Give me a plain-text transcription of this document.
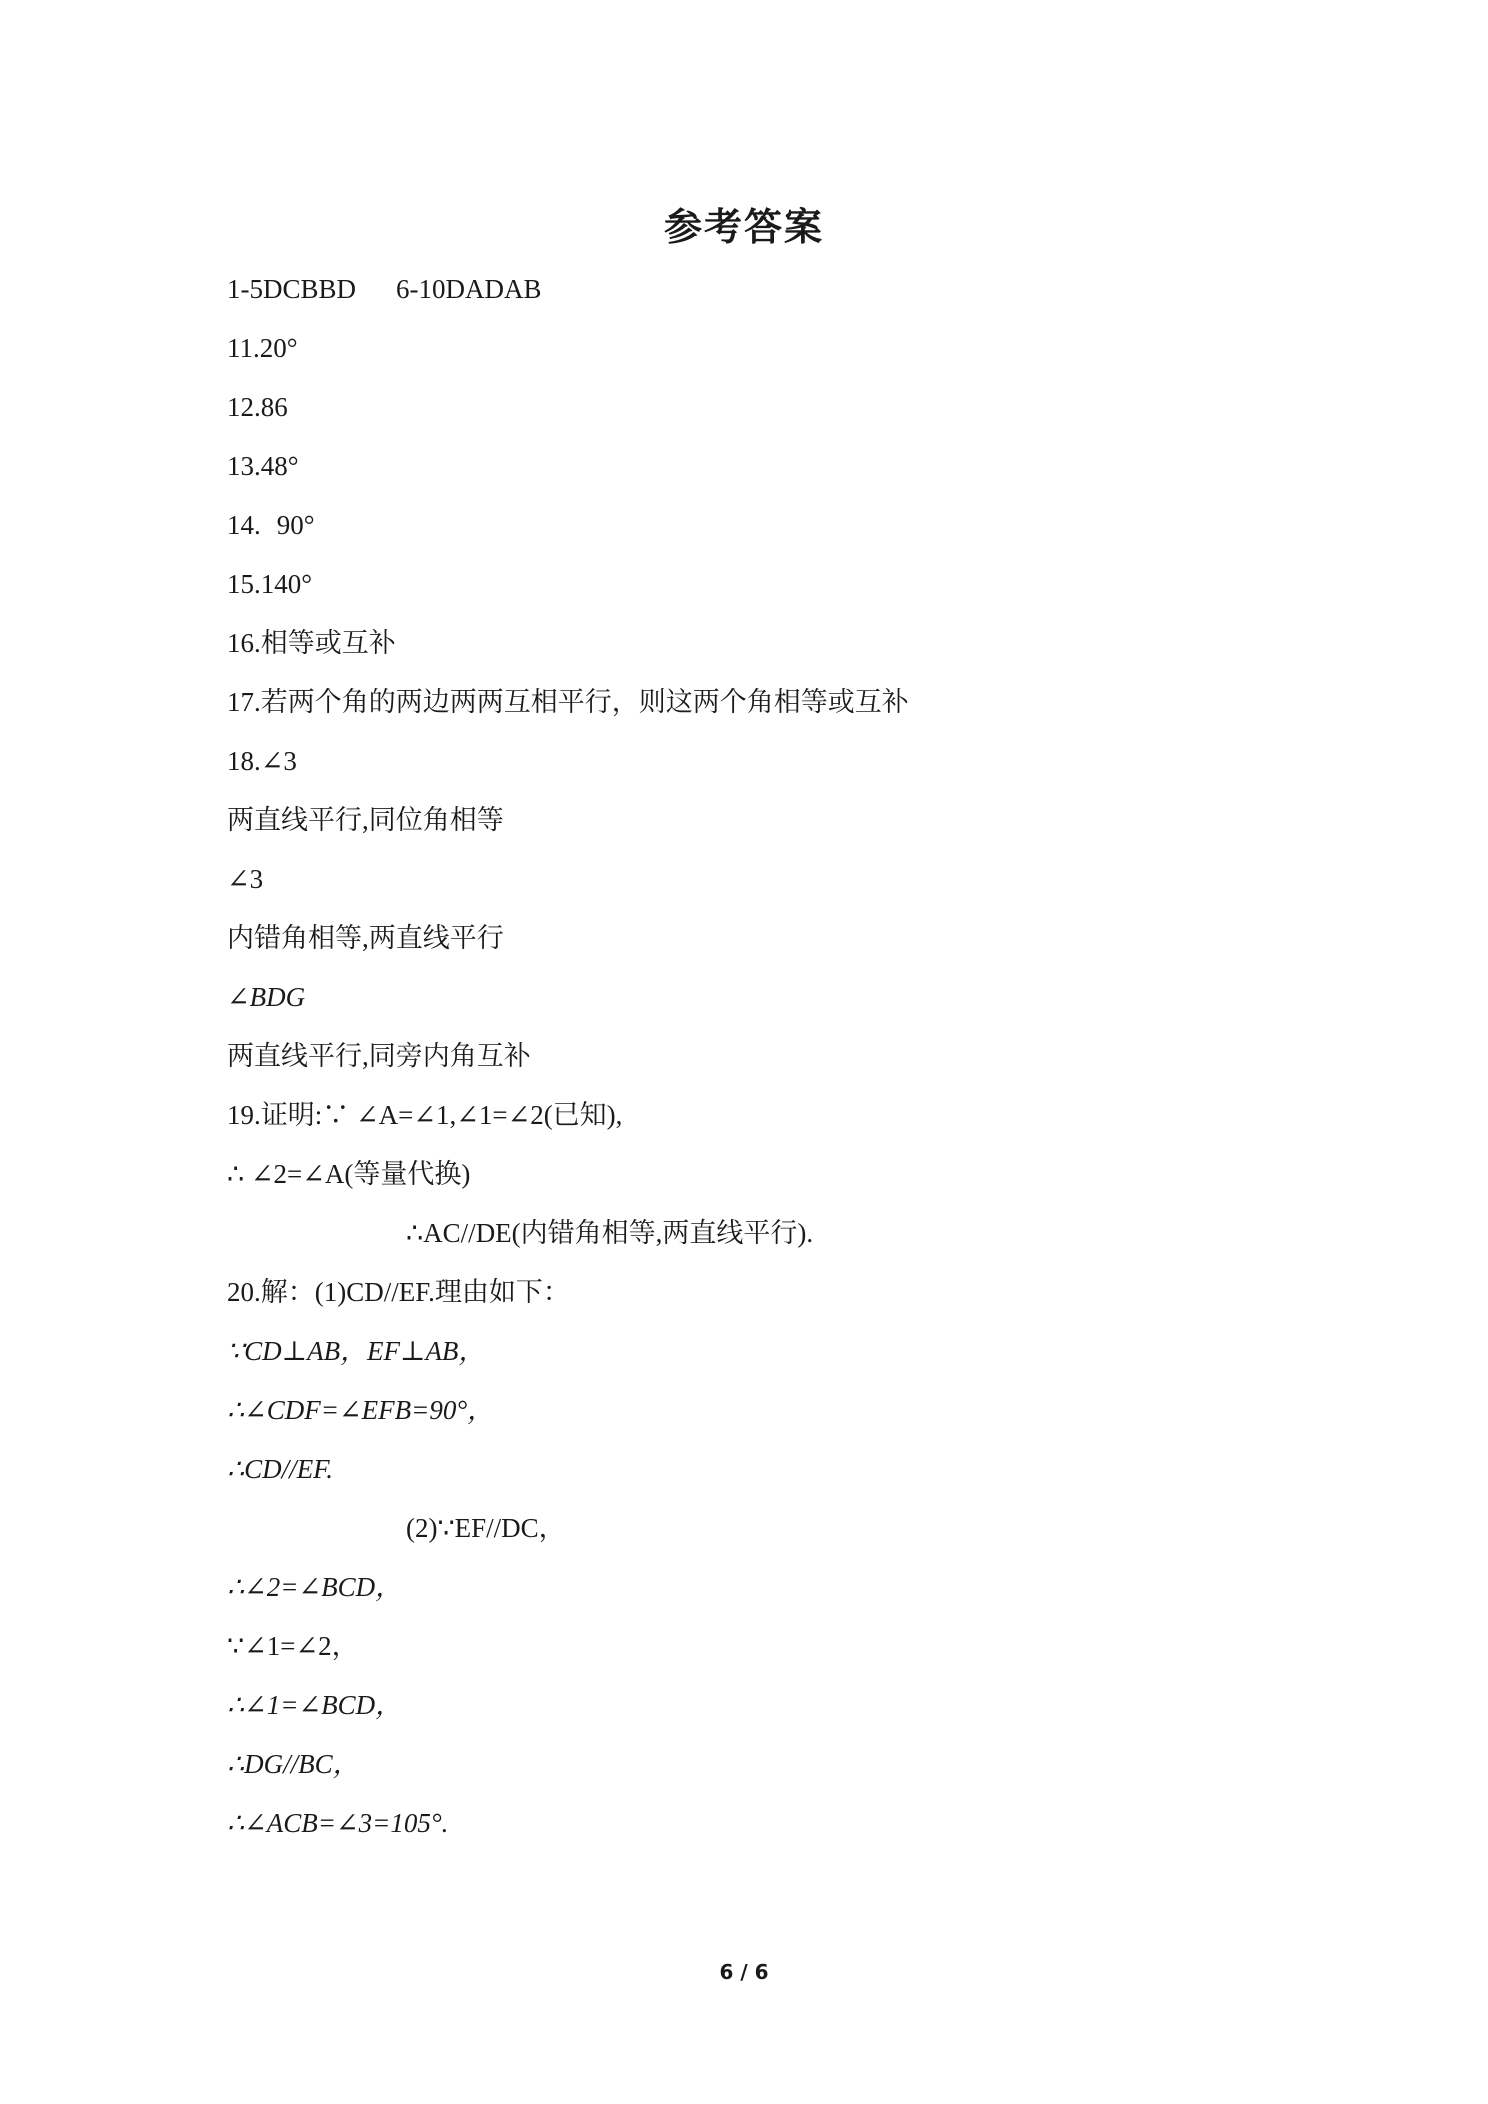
参考答案
1-5DCBBD 6-10DADAB
11.20°
12.86
13.48°
14. 90°
15.140°
16.相等或互补
17.若两个角的两边两两互相平行，则这两个角相等或互补
18.∠3
两直线平行,同位角相等
∠3
内错角相等,两直线平行
∠BDG
两直线平行,同旁内角互补
19.证明:∵ ∠A=∠1,∠1=∠2(已知),
∴ ∠2=∠A(等量代换)
∴AC//DE(内错角相等,两直线平行).
20.解：(1)CD//EF.理由如下：
∵CD⊥AB，EF⊥AB，
∴∠CDF=∠EFB=90°，
∴CD//EF.
(2)∵EF//DC，
∴∠2=∠BCD，
∵∠1=∠2，
∴∠1=∠BCD，
∴DG//BC，
∴∠ACB=∠3=105°.
6 / 6
